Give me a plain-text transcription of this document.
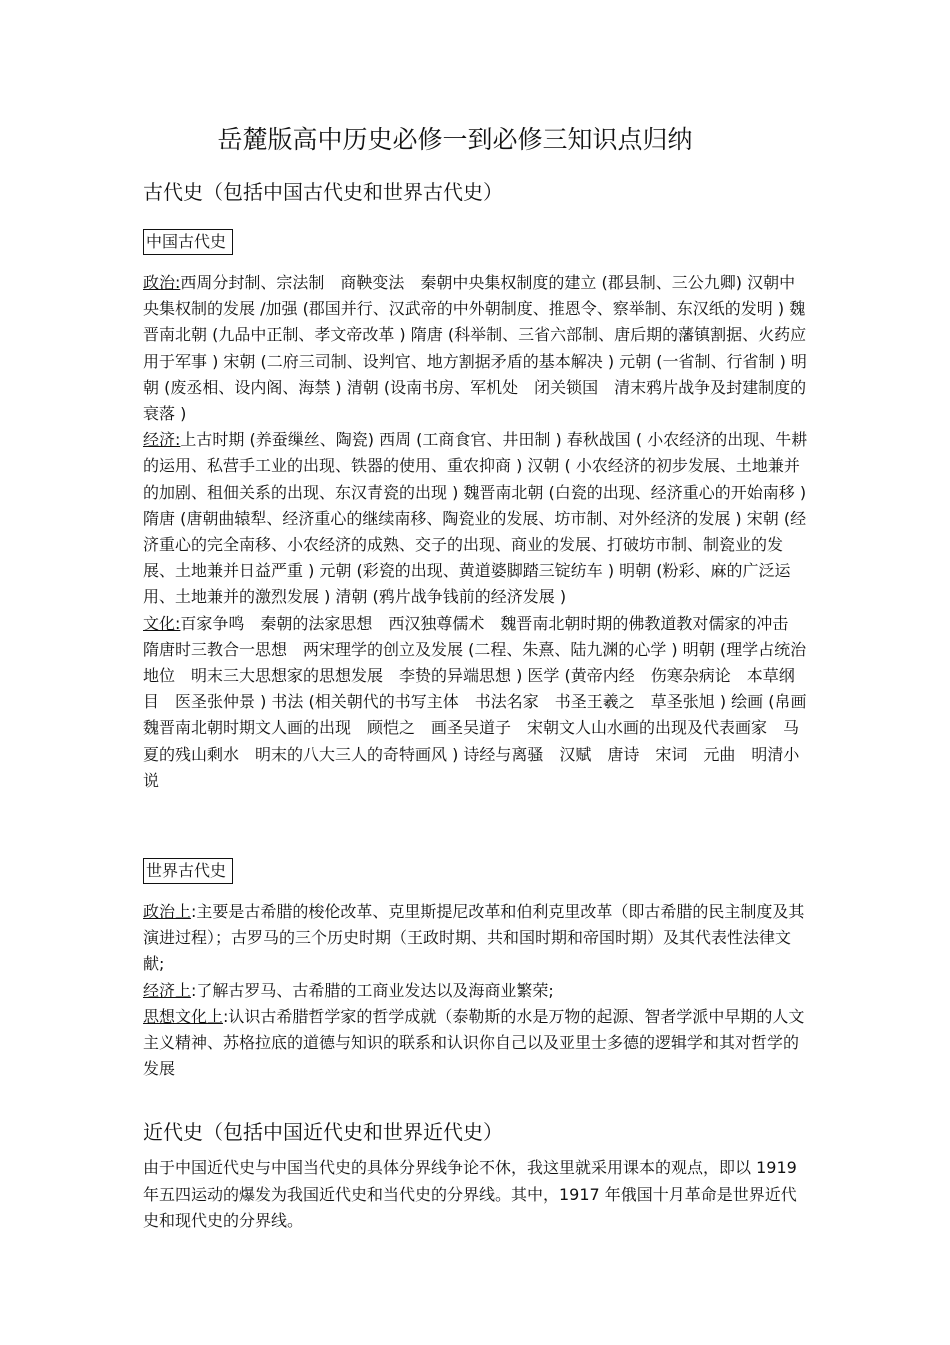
岳麓版高中历史必修一到必修三知识点归纳
古代史（包括中国古代史和世界古代史）
中国古代史

政治:西周分封制、宗法制　商鞅变法　秦朝中央集权制度的建立 (郡县制、三公九卿) 汉朝中央集权制的发展 /加强 (郡国并行、汉武帝的中外朝制度、推恩令、察举制、东汉纸的发明 ) 魏晋南北朝 (九品中正制、孝文帝改革 ) 隋唐 (科举制、三省六部制、唐后期的藩镇割据、火药应用于军事 ) 宋朝 (二府三司制、设判官、地方割据矛盾的基本解决 ) 元朝 (一省制、行省制 ) 明朝 (废丞相、设内阁、海禁 ) 清朝 (设南书房、军机处　闭关锁国　清末鸦片战争及封建制度的衰落 )
经济:上古时期 (养蚕缫丝、陶瓷) 西周 (工商食官、井田制 ) 春秋战国 ( 小农经济的出现、牛耕的运用、私营手工业的出现、铁器的使用、重农抑商 ) 汉朝 ( 小农经济的初步发展、土地兼并的加剧、租佃关系的出现、东汉青瓷的出现 ) 魏晋南北朝 (白瓷的出现、经济重心的开始南移 ) 隋唐 (唐朝曲辕犁、经济重心的继续南移、陶瓷业的发展、坊市制、对外经济的发展 ) 宋朝 (经济重心的完全南移、小农经济的成熟、交子的出现、商业的发展、打破坊市制、制瓷业的发展、土地兼并日益严重 ) 元朝 (彩瓷的出现、黄道婆脚踏三锭纺车 ) 明朝 (粉彩、麻的广泛运用、土地兼并的激烈发展 ) 清朝 (鸦片战争钱前的经济发展 )
文化:百家争鸣　秦朝的法家思想　西汉独尊儒术　魏晋南北朝时期的佛教道教对儒家的冲击　隋唐时三教合一思想　两宋理学的创立及发展 (二程、朱熹、陆九渊的心学 ) 明朝 (理学占统治地位　明末三大思想家的思想发展　李贽的异端思想 ) 医学 (黄帝内经　伤寒杂病论　本草纲目　医圣张仲景 ) 书法 (相关朝代的书写主体　书法名家　书圣王羲之　草圣张旭 ) 绘画 (帛画　魏晋南北朝时期文人画的出现　顾恺之　画圣吴道子　宋朝文人山水画的出现及代表画家　马夏的残山剩水　明末的八大三人的奇特画风 ) 诗经与离骚　汉赋　唐诗　宋词　元曲　明清小说

世界古代史

政治上:主要是古希腊的梭伦改革、克里斯提尼改革和伯利克里改革（即古希腊的民主制度及其演进过程）；古罗马的三个历史时期（王政时期、共和国时期和帝国时期）及其代表性法律文献;
经济上:了解古罗马、古希腊的工商业发达以及海商业繁荣;
思想文化上:认识古希腊哲学家的哲学成就（泰勒斯的水是万物的起源、智者学派中早期的人文主义精神、苏格拉底的道德与知识的联系和认识你自己以及亚里士多德的逻辑学和其对哲学的发展

近代史（包括中国近代史和世界近代史）

由于中国近代史与中国当代史的具体分界线争论不休，我这里就采用课本的观点，即以 1919 年五四运动的爆发为我国近代史和当代史的分界线。其中，1917 年俄国十月革命是世界近代史和现代史的分界线。
